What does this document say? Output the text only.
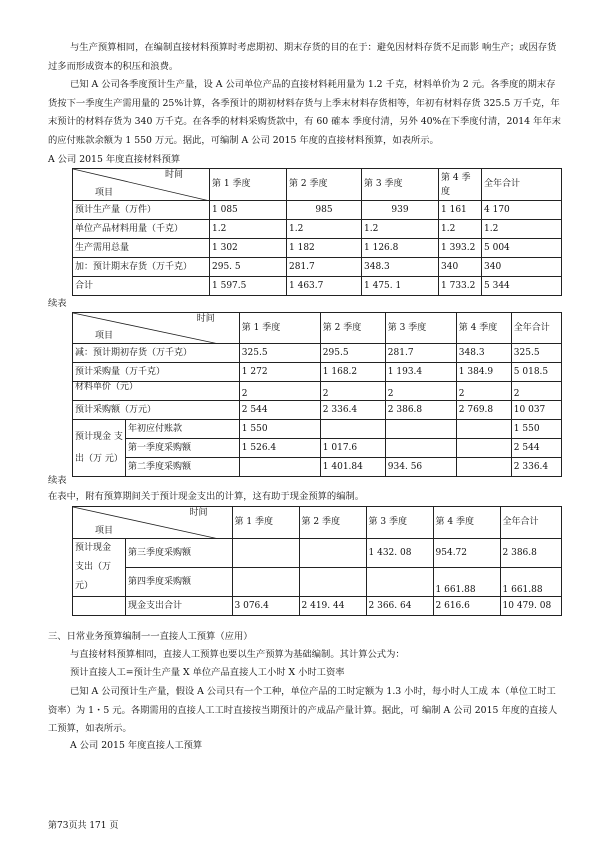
与生产预算相同，在编制直接材料预算时考虑期初、期末存货的目的在于：避免因材料存货不足而影 响生产；或因存货过多而形成资本的积压和浪费。

已知 A 公司各季度预计生产量，设 A 公司单位产品的直接材料耗用量为 1.2 千克，材料单价为 2 元。各季度的期末存货按下一季度生产需用量的 25%计算，各季预计的期初材料存货与上季末材料存货相等，年初有材料存货 325.5 万千克，年末预计的材料存货为 340 万千克。在各季的材料采购货款中，有 60 確本 季度付清，另外 40%在下季度付清，2014 年年末的应付账款余额为 1 550 万元。据此，可编制 A 公司 2015 年度的直接材料预算，如表所示。

A 公司 2015 年度直接材料预算

时间
项目	第 1 季度	第 2 季度	第 3 季度	第 4 季
度	全年合计
预计生产量（万件）	1 085	985	939	1 161	4 170
单位产品材料用量（千克）	1.2	1.2	1.2	1.2	1.2
生产需用总量	1 302	1 182	1 126.8	1 393.2	5 004
加：预计期末存货（万千克）	295. 5	281.7	348.3	340	340
合计	1 597.5	1 463.7	1 475. 1	1 733.2	5 344

续表

时间
项目		第 1 季度	第 2 季度	第 3 季度	第 4 季度	全年合计
减：预计期初存货（万千克）		325.5	295.5	281.7	348.3	325.5
预计采购量（万千克）		1 272	1 168.2	1 193.4	1 384.9	5 018.5
材料单价（元）		2	2	2	2	2
预计采购额（万元）		2 544	2 336.4	2 386.8	2 769.8	10 037
预计现金 支
出（万 元）	年初应付账款	1 550				1 550
	第一季度采购额	1 526.4	1 017.6			2 544
	第二季度采购额		1 401.84	934. 56		2 336.4

续表

在表中，附有预算期间关于预计现金支出的计算，这有助于现金预算的编制。

时间
项目		第 1 季度	第 2 季度	第 3 季度	第 4 季度	全年合计
预计现金
支出（万
元）	第三季度采购额			1 432. 08	954.72	2 386.8
	第四季度采购额				1 661.88	1 661.88
	现金支出合计	3 076.4	2 419. 44	2 366. 64	2 616.6	10 479. 08

三、日常业务预算编制一一直接人工预算（应用）

与直接材料预算相同，直接人工预算也要以生产预算为基础编制。其计算公式为：

预计直接人工=预计生产量 X 单位产品直接人工小时 X 小时工资率

已知 A 公司预计生产量，假设 A 公司只有一个工种，单位产品的工时定额为 1.3 小时，每小时人工成 本（单位工时工资率）为 1・5 元。各期需用的直接人工工时直接按当期预计的产成品产量计算。据此，可 编制 A 公司 2015 年度的直接人工预算，如表所示。

A 公司 2015 年度直接人工预算

第73页共 171 页
